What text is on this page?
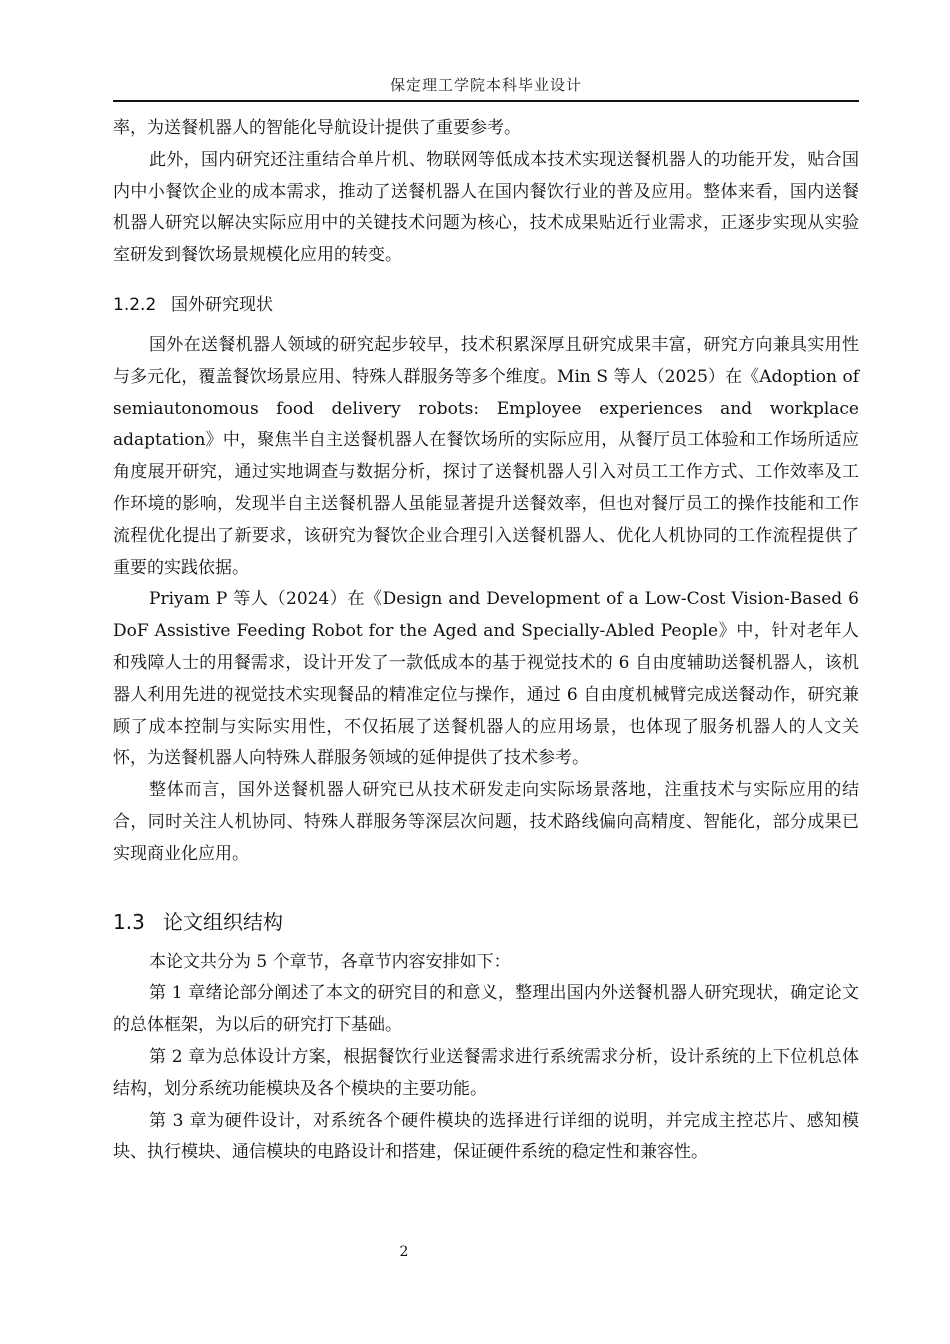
保定理工学院本科毕业设计

率，为送餐机器人的智能化导航设计提供了重要参考。

此外，国内研究还注重结合单片机、物联网等低成本技术实现送餐机器人的功能开发，贴合国内中小餐饮企业的成本需求，推动了送餐机器人在国内餐饮行业的普及应用。整体来看，国内送餐机器人研究以解决实际应用中的关键技术问题为核心，技术成果贴近行业需求，正逐步实现从实验室研发到餐饮场景规模化应用的转变。

1.2.2 国外研究现状

国外在送餐机器人领域的研究起步较早，技术积累深厚且研究成果丰富，研究方向兼具实用性与多元化，覆盖餐饮场景应用、特殊人群服务等多个维度。Min S 等人（2025）在《Adoption of semiautonomous food delivery robots: Employee experiences and workplace adaptation》中，聚焦半自主送餐机器人在餐饮场所的实际应用，从餐厅员工体验和工作场所适应角度展开研究，通过实地调查与数据分析，探讨了送餐机器人引入对员工工作方式、工作效率及工作环境的影响，发现半自主送餐机器人虽能显著提升送餐效率，但也对餐厅员工的操作技能和工作流程优化提出了新要求，该研究为餐饮企业合理引入送餐机器人、优化人机协同的工作流程提供了重要的实践依据。

Priyam P 等人（2024）在《Design and Development of a Low-Cost Vision-Based 6 DoF Assistive Feeding Robot for the Aged and Specially-Abled People》中，针对老年人和残障人士的用餐需求，设计开发了一款低成本的基于视觉技术的 6 自由度辅助送餐机器人，该机器人利用先进的视觉技术实现餐品的精准定位与操作，通过 6 自由度机械臂完成送餐动作，研究兼顾了成本控制与实际实用性，不仅拓展了送餐机器人的应用场景，也体现了服务机器人的人文关怀，为送餐机器人向特殊人群服务领域的延伸提供了技术参考。

整体而言，国外送餐机器人研究已从技术研发走向实际场景落地，注重技术与实际应用的结合，同时关注人机协同、特殊人群服务等深层次问题，技术路线偏向高精度、智能化，部分成果已实现商业化应用。

1.3 论文组织结构

本论文共分为 5 个章节，各章节内容安排如下：

第 1 章绪论部分阐述了本文的研究目的和意义，整理出国内外送餐机器人研究现状，确定论文的总体框架，为以后的研究打下基础。

第 2 章为总体设计方案，根据餐饮行业送餐需求进行系统需求分析，设计系统的上下位机总体结构，划分系统功能模块及各个模块的主要功能。

第 3 章为硬件设计，对系统各个硬件模块的选择进行详细的说明，并完成主控芯片、感知模块、执行模块、通信模块的电路设计和搭建，保证硬件系统的稳定性和兼容性。

2
